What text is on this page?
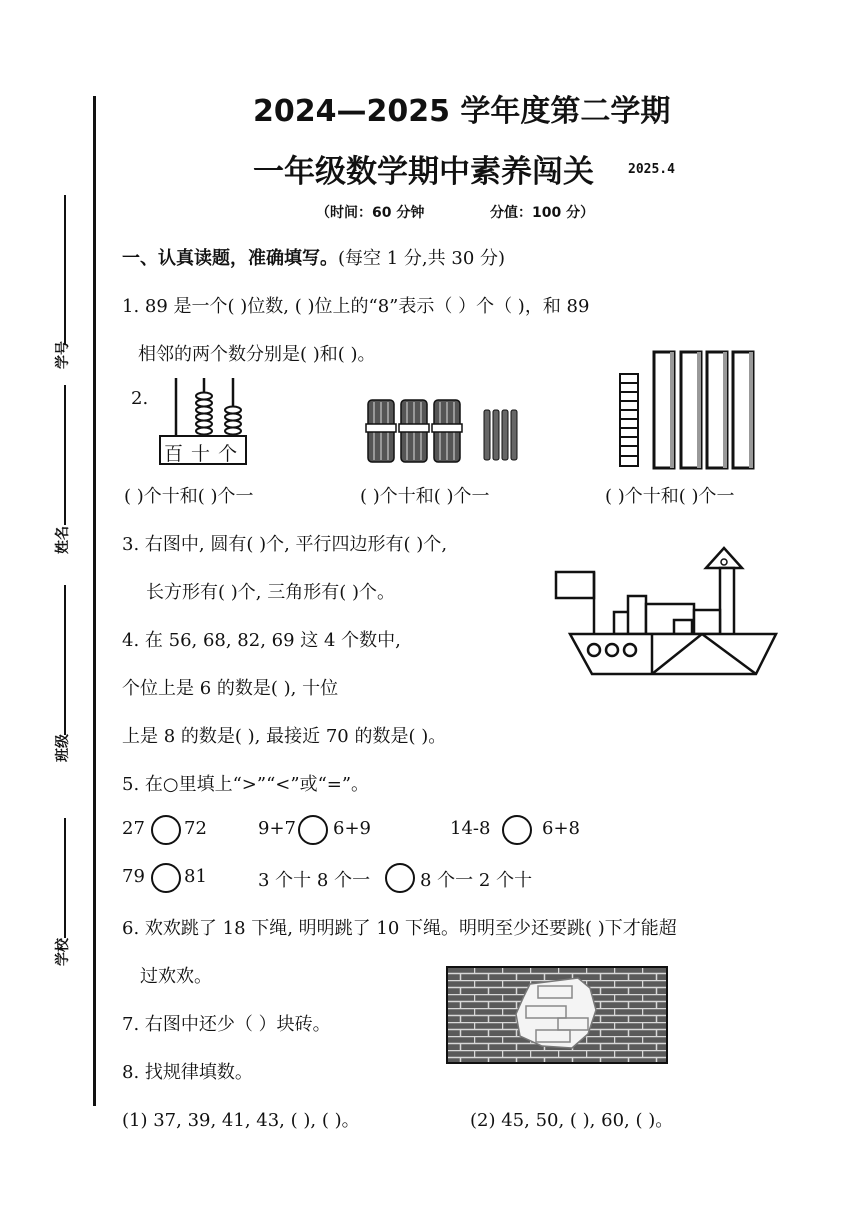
学号
姓名
班级
学校
2024—2025 学年度第二学期
一年级数学期中素养闯关	2025.4
（时间：60 分钟	分值：100 分）
一、认真读题，准确填写。(每空 1 分,共 30 分)
1. 89 是一个( )位数, ( )位上的“8”表示（ ）个（ )，和 89
相邻的两个数分别是( )和( )。
2.
百 十 个
( )个十和( )个一	( )个十和( )个一	( )个十和( )个一
3. 右图中, 圆有( )个, 平行四边形有( )个,
长方形有( )个, 三角形有( )个。
4. 在 56, 68, 82, 69 这 4 个数中,
个位上是 6 的数是( ), 十位
上是 8 的数是( ), 最接近 70 的数是( )。
5. 在○里填上“>”“<”或“=”。
27 72	9+7 6+9	14-8	6+8
79 81	3 个十 8 个一	8 个一 2 个十
6. 欢欢跳了 18 下绳, 明明跳了 10 下绳。明明至少还要跳( )下才能超
过欢欢。
7. 右图中还少（ ）块砖。
8. 找规律填数。
(1) 37, 39, 41, 43, ( ), ( )。	(2) 45, 50, ( ), 60, ( )。
